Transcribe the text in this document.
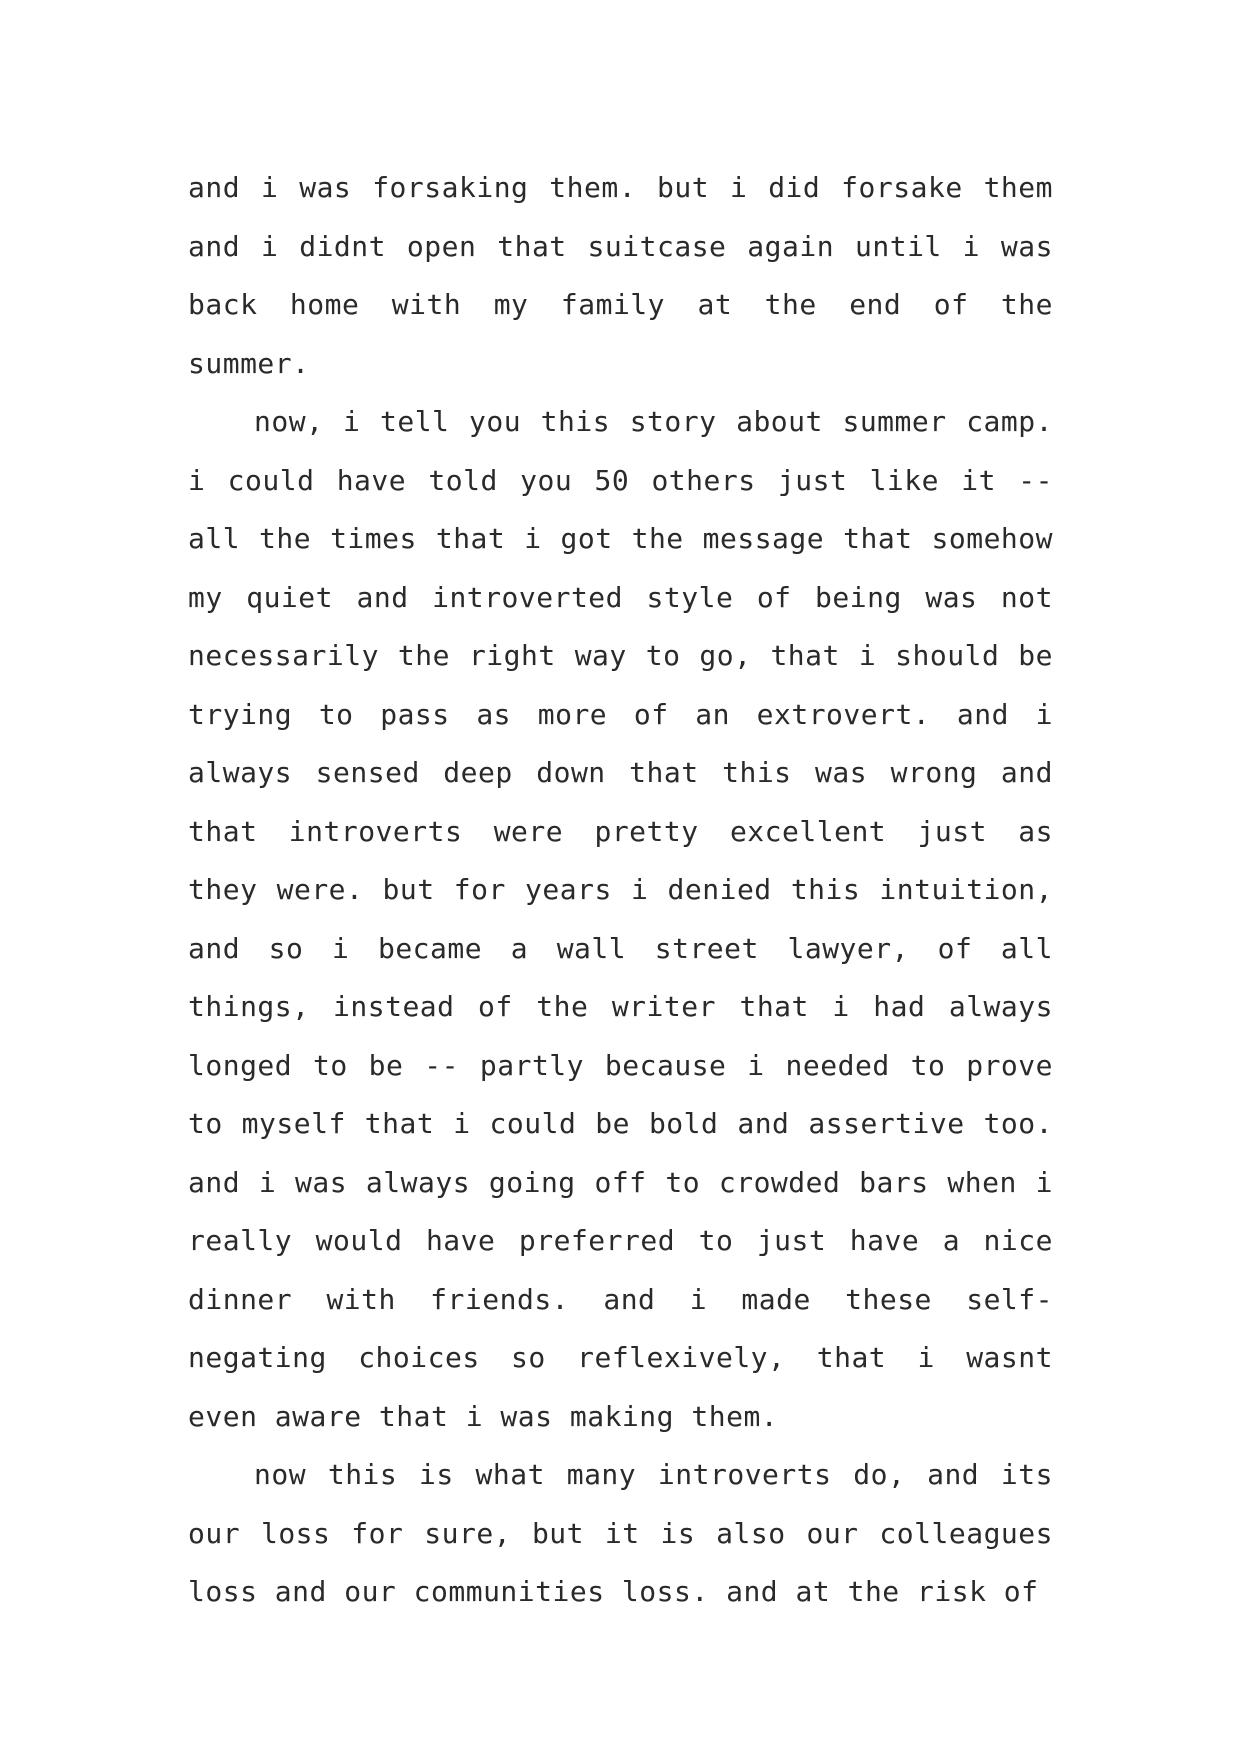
and i was forsaking them. but i did forsake them and i didnt open that suitcase again until i was back home with my family at the end of the summer.

now, i tell you this story about summer camp. i could have told you 50 others just like it -- all the times that i got the message that somehow my quiet and introverted style of being was not necessarily the right way to go, that i should be trying to pass as more of an extrovert. and i always sensed deep down that this was wrong and that introverts were pretty excellent just as they were. but for years i denied this intuition, and so i became a wall street lawyer, of all things, instead of the writer that i had always longed to be -- partly because i needed to prove to myself that i could be bold and assertive too. and i was always going off to crowded bars when i really would have preferred to just have a nice dinner with friends. and i made these self-negating choices so reflexively, that i wasnt even aware that i was making them.

now this is what many introverts do, and its our loss for sure, but it is also our colleagues loss and our communities loss. and at the risk of
